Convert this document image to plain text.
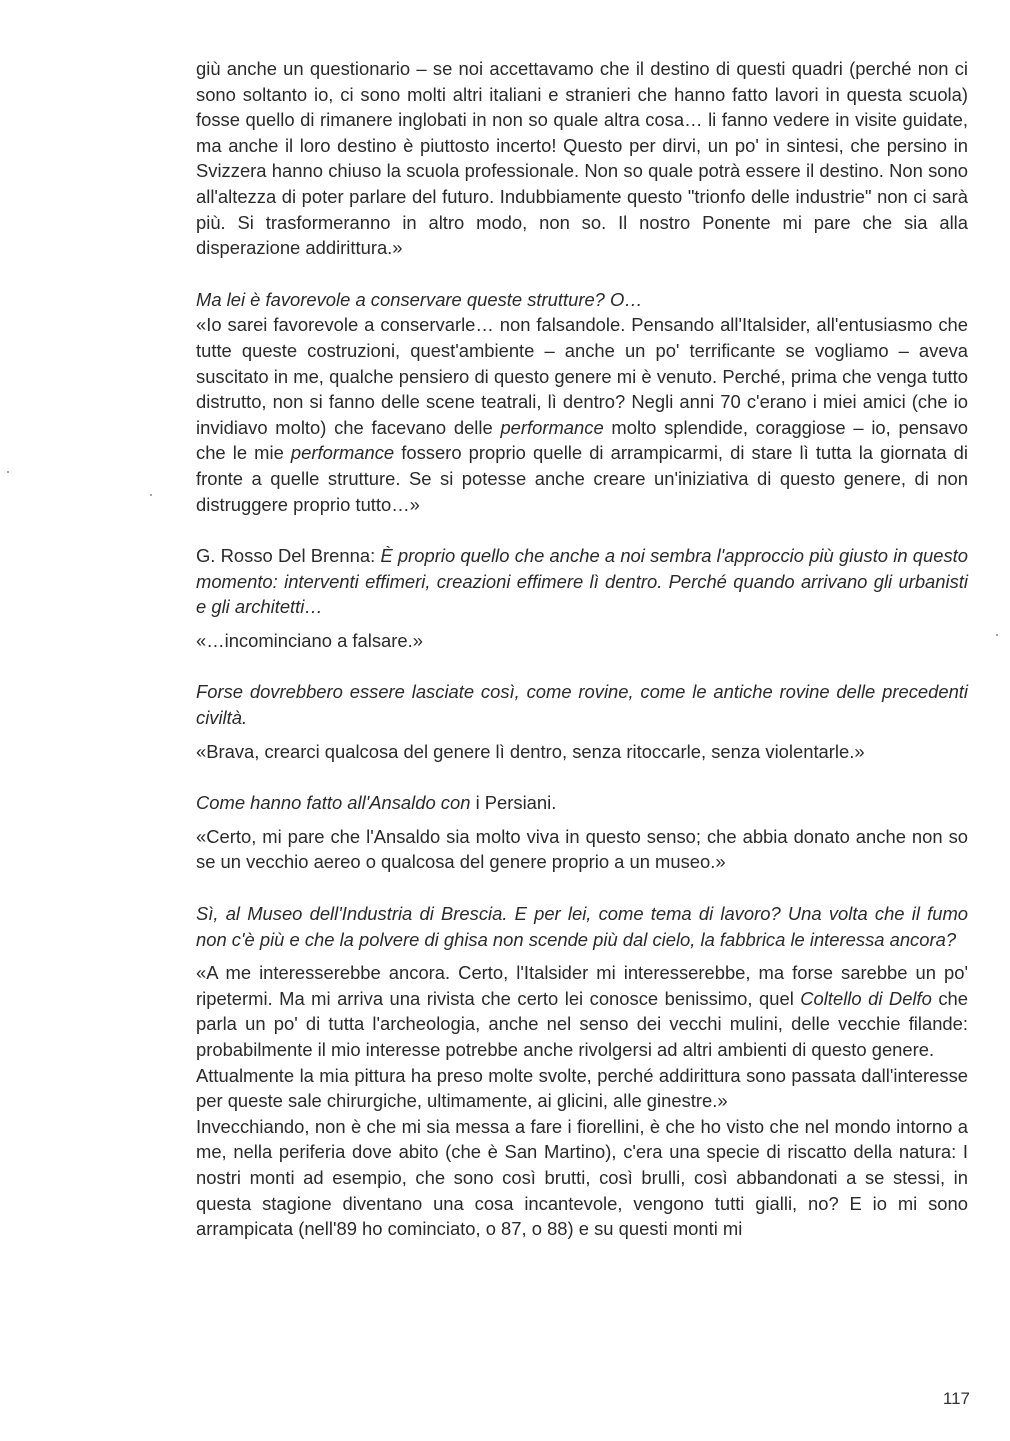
giù anche un questionario – se noi accettavamo che il destino di questi quadri (perché non ci sono soltanto io, ci sono molti altri italiani e stranieri che hanno fatto lavori in questa scuola) fosse quello di rimanere inglobati in non so quale altra cosa… li fanno vedere in visite guidate, ma anche il loro destino è piuttosto incerto! Questo per dirvi, un po' in sintesi, che persino in Svizzera hanno chiuso la scuola professionale. Non so quale potrà essere il destino. Non sono all'altezza di poter parlare del futuro. Indubbiamente questo "trionfo delle industrie" non ci sarà più. Si trasformeranno in altro modo, non so. Il nostro Ponente mi pare che sia alla disperazione addirittura.»

Ma lei è favorevole a conservare queste strutture? O…

«Io sarei favorevole a conservarle… non falsandole. Pensando all'Italsider, all'entusiasmo che tutte queste costruzioni, quest'ambiente – anche un po' terrificante se vogliamo – aveva suscitato in me, qualche pensiero di questo genere mi è venuto. Perché, prima che venga tutto distrutto, non si fanno delle scene teatrali, lì dentro? Negli anni 70 c'erano i miei amici (che io invidiavo molto) che facevano delle performance molto splendide, coraggiose – io, pensavo che le mie performance fossero proprio quelle di arrampicarmi, di stare lì tutta la giornata di fronte a quelle strutture. Se si potesse anche creare un'iniziativa di questo genere, di non distruggere proprio tutto…»

G. Rosso Del Brenna: È proprio quello che anche a noi sembra l'approccio più giusto in questo momento: interventi effimeri, creazioni effimere lì dentro. Perché quando arrivano gli urbanisti e gli architetti…

«…incominciano a falsare.»

Forse dovrebbero essere lasciate così, come rovine, come le antiche rovine delle precedenti civiltà.

«Brava, crearci qualcosa del genere lì dentro, senza ritoccarle, senza violentarle.»

Come hanno fatto all'Ansaldo con i Persiani.

«Certo, mi pare che l'Ansaldo sia molto viva in questo senso; che abbia donato anche non so se un vecchio aereo o qualcosa del genere proprio a un museo.»

Sì, al Museo dell'Industria di Brescia. E per lei, come tema di lavoro? Una volta che il fumo non c'è più e che la polvere di ghisa non scende più dal cielo, la fabbrica le interessa ancora?

«A me interesserebbe ancora. Certo, l'Italsider mi interesserebbe, ma forse sarebbe un po' ripetermi. Ma mi arriva una rivista che certo lei conosce benissimo, quel Coltello di Delfo che parla un po' di tutta l'archeologia, anche nel senso dei vecchi mulini, delle vecchie filande: probabilmente il mio interesse potrebbe anche rivolgersi ad altri ambienti di questo genere.

Attualmente la mia pittura ha preso molte svolte, perché addirittura sono passata dall'interesse per queste sale chirurgiche, ultimamente, ai glicini, alle ginestre.»

Invecchiando, non è che mi sia messa a fare i fiorellini, è che ho visto che nel mondo intorno a me, nella periferia dove abito (che è San Martino), c'era una specie di riscatto della natura: I nostri monti ad esempio, che sono così brutti, così brulli, così abbandonati a se stessi, in questa stagione diventano una cosa incantevole, vengono tutti gialli, no? E io mi sono arrampicata (nell'89 ho cominciato, o 87, o 88) e su questi monti mi

117
